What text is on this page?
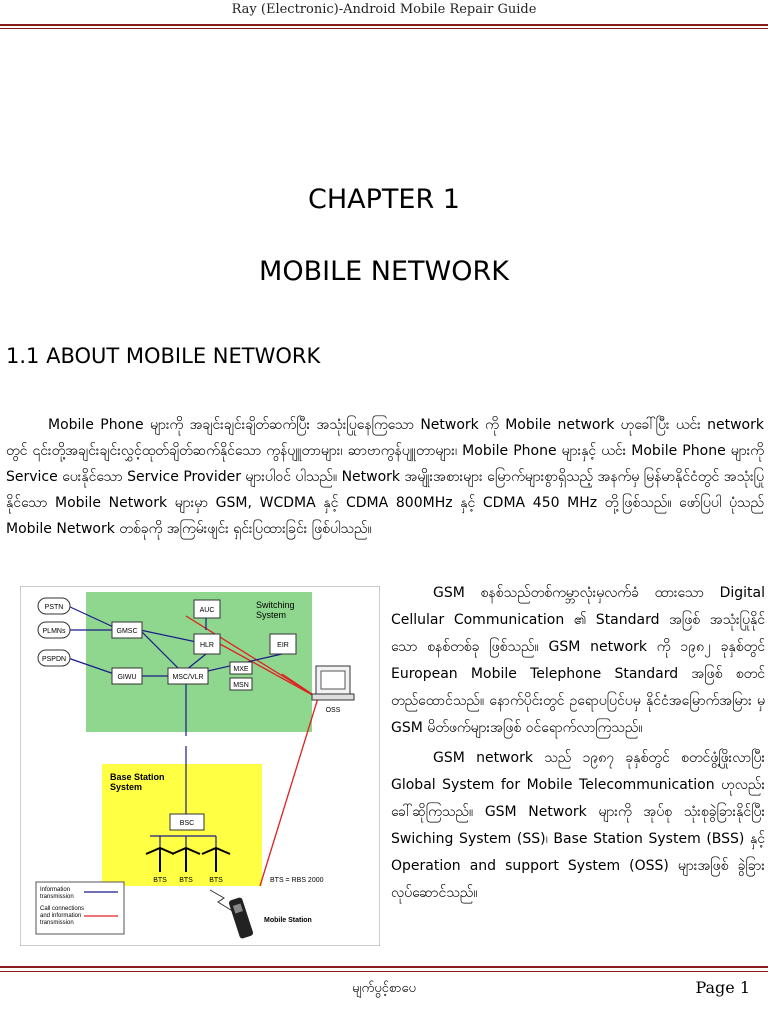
Ray (Electronic)-Android Mobile Repair Guide
CHAPTER 1
MOBILE NETWORK
1.1 ABOUT MOBILE NETWORK

Mobile Phone များကို အချင်းချင်းချိတ်ဆက်ပြီး အသုံးပြုနေကြသော Network ကို Mobile network ဟုခေါ်ပြီး ယင်း network တွင် ၎င်းတို့အချင်းချင်းလွှင့်ထုတ်ချိတ်ဆက်နိုင်သော ကွန်ပျူတာများ၊ ဆာဗာကွန်ပျူတာများ၊ Mobile Phone များနှင့် ယင်း Mobile Phone များကို Service ပေးနိုင်သော Service Provider များပါဝင် ပါသည်။ Network အမျိုးအစားများ မြောက်များစွာရှိသည့် အနက်မှ မြန်မာနိုင်ငံတွင် အသုံးပြုနိုင်သော Mobile Network များမှာ GSM, WCDMA နှင့် CDMA 800MHz နှင့် CDMA 450 MHz တို့ဖြစ်သည်။ ဖော်ပြပါ ပုံသည် Mobile Network တစ်ခုကို အကြမ်းဖျင်း ရှင်းပြထားခြင်း ဖြစ်ပါသည်။

Switching
System
Base Station
System
PSTN
PLMNs
PSPDN
GMSC
GIWU
AUC
HLR	EIR
MSC/VLR
MXE
MSN
BSC
OSS
BTS BTS BTS	BTS = RBS 2000
Mobile Station
Information
transmission
Call connections
and information
transmission

GSM စနစ်သည်တစ်ကမ္ဘာလုံးမှလက်ခံ ထားသော Digital Cellular Communication ၏ Standard အဖြစ် အသုံးပြုနိုင်သော စနစ်တစ်ခု ဖြစ်သည်။ GSM network ကို ၁၉၈၂ ခုနှစ်တွင် European Mobile Telephone Standard အဖြစ် စတင် တည်ထောင်သည်။ နောက်ပိုင်းတွင် ဥရောပပြင်ပမှ နိုင်ငံအမြောက်အမြား မှ GSM မိတ်ဖက်များအဖြစ် ဝင်ရောက်လာကြသည်။

GSM network သည် ၁၉၈၇ ခုနှစ်တွင် စတင်ဖွံ့ဖြိုးလာပြီး Global System for Mobile Telecommunication ဟုလည်းခေါ်ဆိုကြသည်။ GSM Network များကို အုပ်စု သုံးစုခွဲခြားနိုင်ပြီး Swiching System (SS)၊ Base Station System (BSS) နှင့် Operation and support System (OSS) များအဖြစ် ခွဲခြား လုပ်ဆောင်သည်။

မျက်ပွင့်စာပေ	Page 1
